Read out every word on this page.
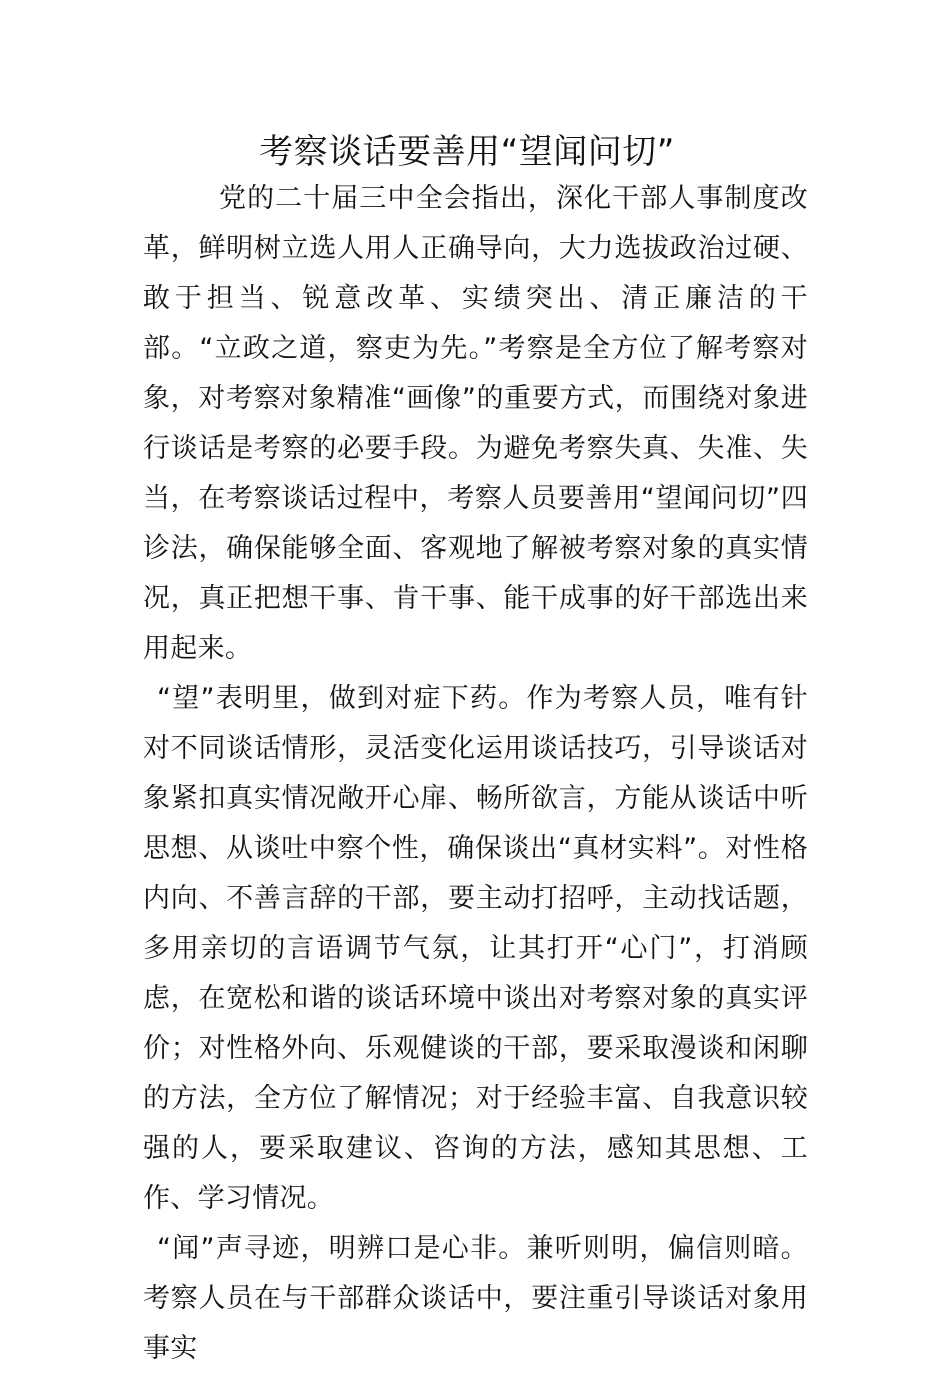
考察谈话要善用“望闻问切”

党的二十届三中全会指出，深化干部人事制度改革，鲜明树立选人用人正确导向，大力选拔政治过硬、敢于担当、锐意改革、实绩突出、清正廉洁的干部。“立政之道，察吏为先。”考察是全方位了解考察对象，对考察对象精准“画像”的重要方式，而围绕对象进行谈话是考察的必要手段。为避免考察失真、失准、失当，在考察谈话过程中，考察人员要善用“望闻问切”四诊法，确保能够全面、客观地了解被考察对象的真实情况，真正把想干事、肯干事、能干成事的好干部选出来用起来。

“望”表明里，做到对症下药。作为考察人员，唯有针对不同谈话情形，灵活变化运用谈话技巧，引导谈话对象紧扣真实情况敞开心扉、畅所欲言，方能从谈话中听思想、从谈吐中察个性，确保谈出“真材实料”。对性格内向、不善言辞的干部，要主动打招呼，主动找话题，多用亲切的言语调节气氛，让其打开“心门”，打消顾虑，在宽松和谐的谈话环境中谈出对考察对象的真实评价；对性格外向、乐观健谈的干部，要采取漫谈和闲聊的方法，全方位了解情况；对于经验丰富、自我意识较强的人，要采取建议、咨询的方法，感知其思想、工作、学习情况。

“闻”声寻迹，明辨口是心非。兼听则明，偏信则暗。考察人员在与干部群众谈话中，要注重引导谈话对象用事实
